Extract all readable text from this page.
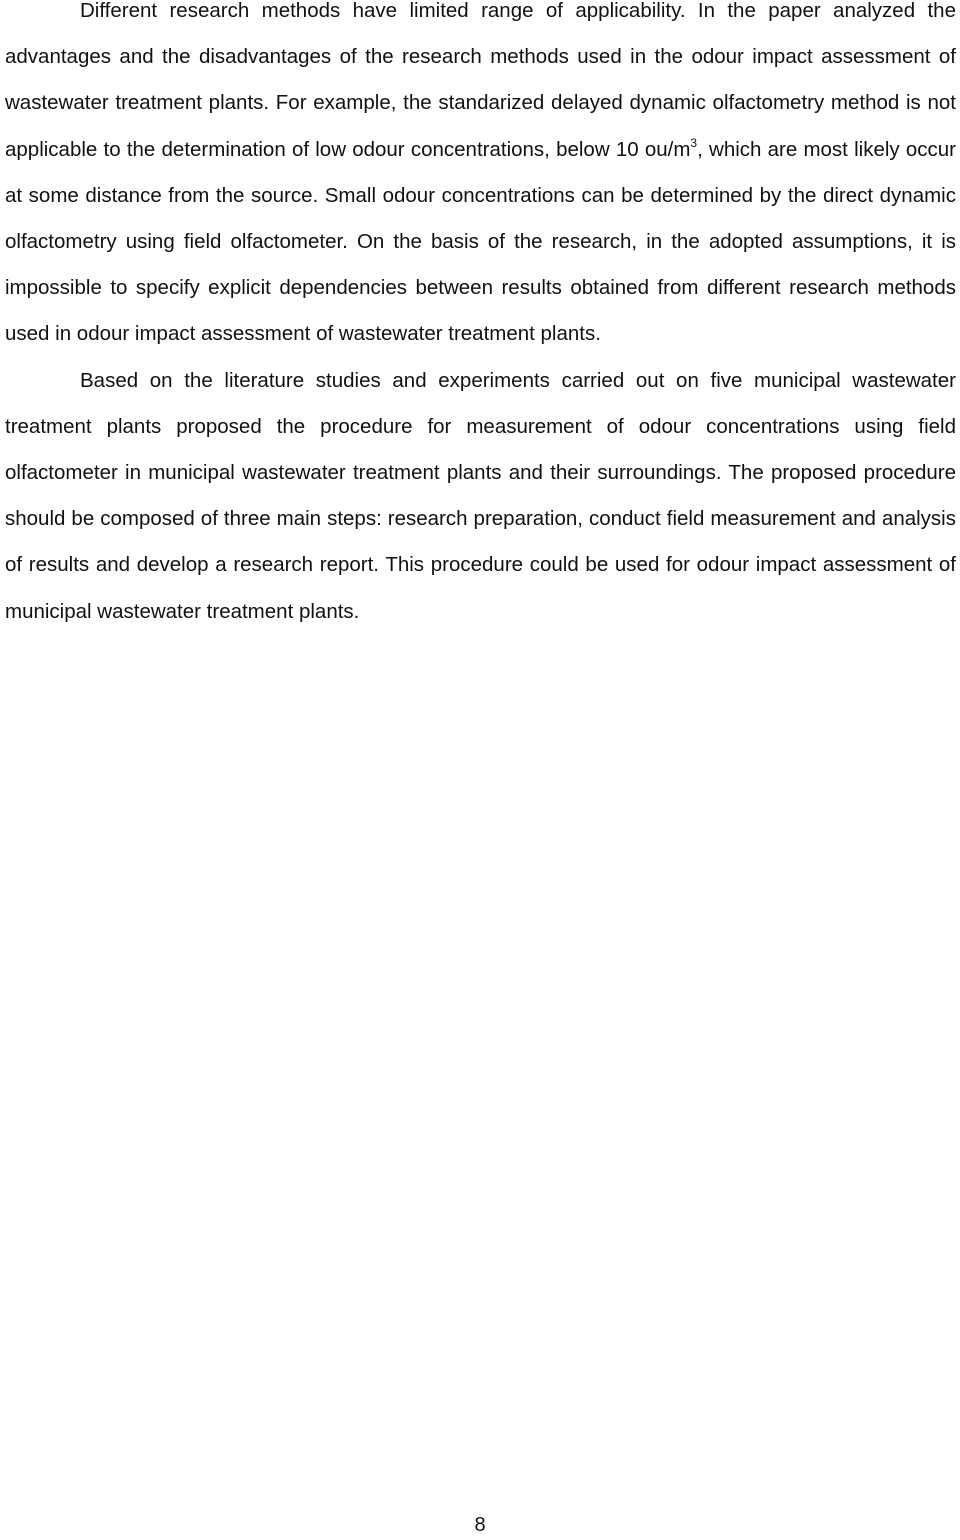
Different research methods have limited range of applicability. In the paper analyzed the advantages and the disadvantages of the research methods used in the odour impact assessment of wastewater treatment plants. For example, the standarized delayed dynamic olfactometry method is not applicable to the determination of low odour concentrations, below 10 $ou/m^3$, which are most likely occur at some distance from the source. Small odour concentrations can be determined by the direct dynamic olfactometry using field olfactometer. On the basis of the research, in the adopted assumptions, it is impossible to specify explicit dependencies between results obtained from different research methods used in odour impact assessment of wastewater treatment plants.

Based on the literature studies and experiments carried out on five municipal wastewater treatment plants proposed the procedure for measurement of odour concentrations using field olfactometer in municipal wastewater treatment plants and their surroundings. The proposed procedure should be composed of three main steps: research preparation, conduct field measurement and analysis of results and develop a research report. This procedure could be used for odour impact assessment of municipal wastewater treatment plants.

8
